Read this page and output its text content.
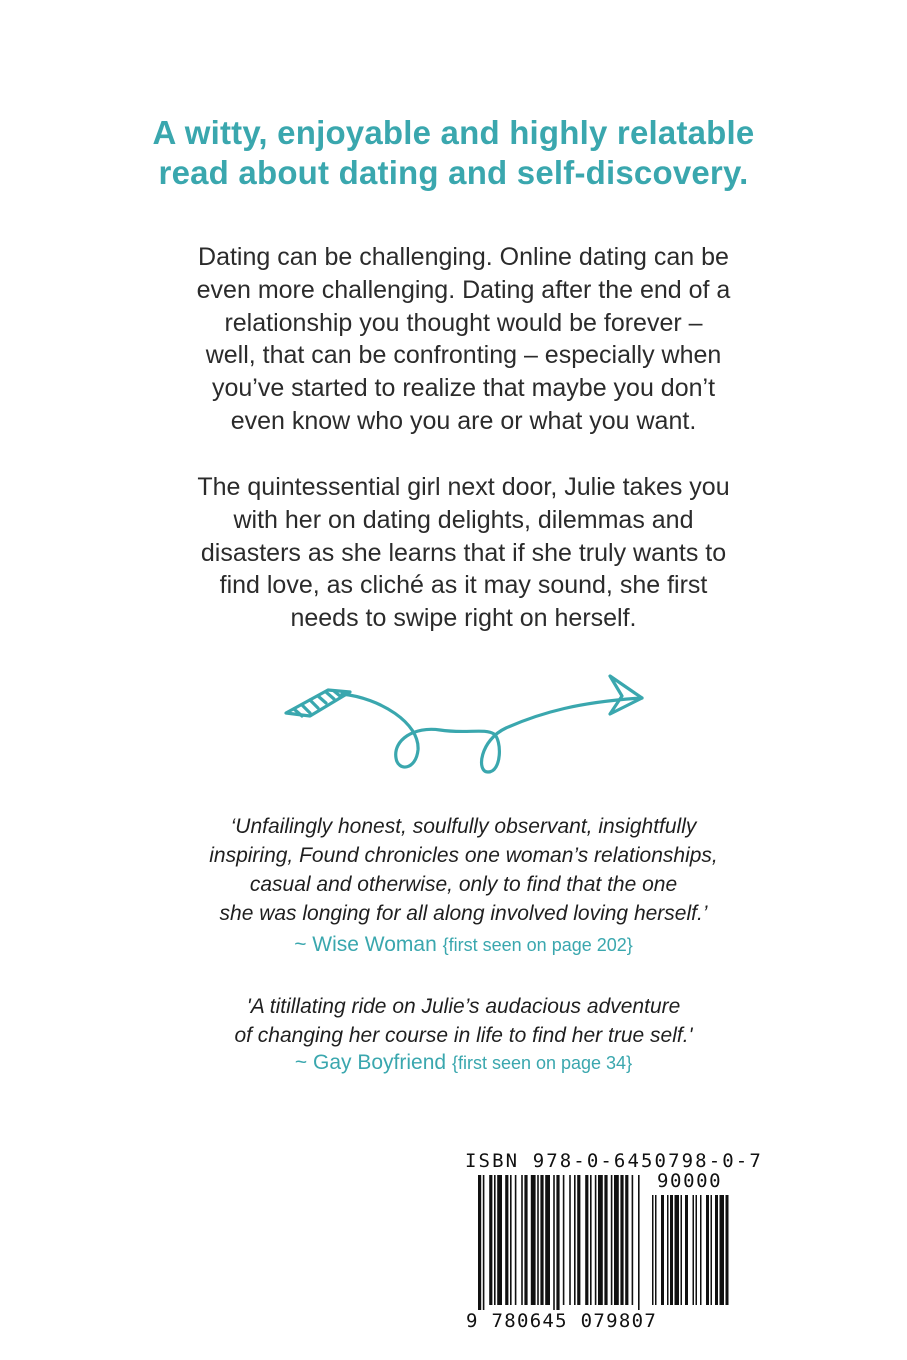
A witty, enjoyable and highly relatable
read about dating and self-discovery.
Dating can be challenging. Online dating can be
even more challenging. Dating after the end of a
relationship you thought would be forever –
well, that can be confronting – especially when
you’ve started to realize that maybe you don’t
even know who you are or what you want.
The quintessential girl next door, Julie takes you
with her on dating delights, dilemmas and
disasters as she learns that if she truly wants to
find love, as cliché as it may sound, she first
needs to swipe right on herself.
‘Unfailingly honest, soulfully observant, insightfully
inspiring, Found chronicles one woman’s relationships,
casual and otherwise, only to find that the one
she was longing for all along involved loving herself.’
~ Wise Woman {first seen on page 202}
'A titillating ride on Julie’s audacious adventure
of changing her course in life to find her true self.'
~ Gay Boyfriend {first seen on page 34}
ISBN 978-0-6450798-0-7
90000
9 780645 079807
